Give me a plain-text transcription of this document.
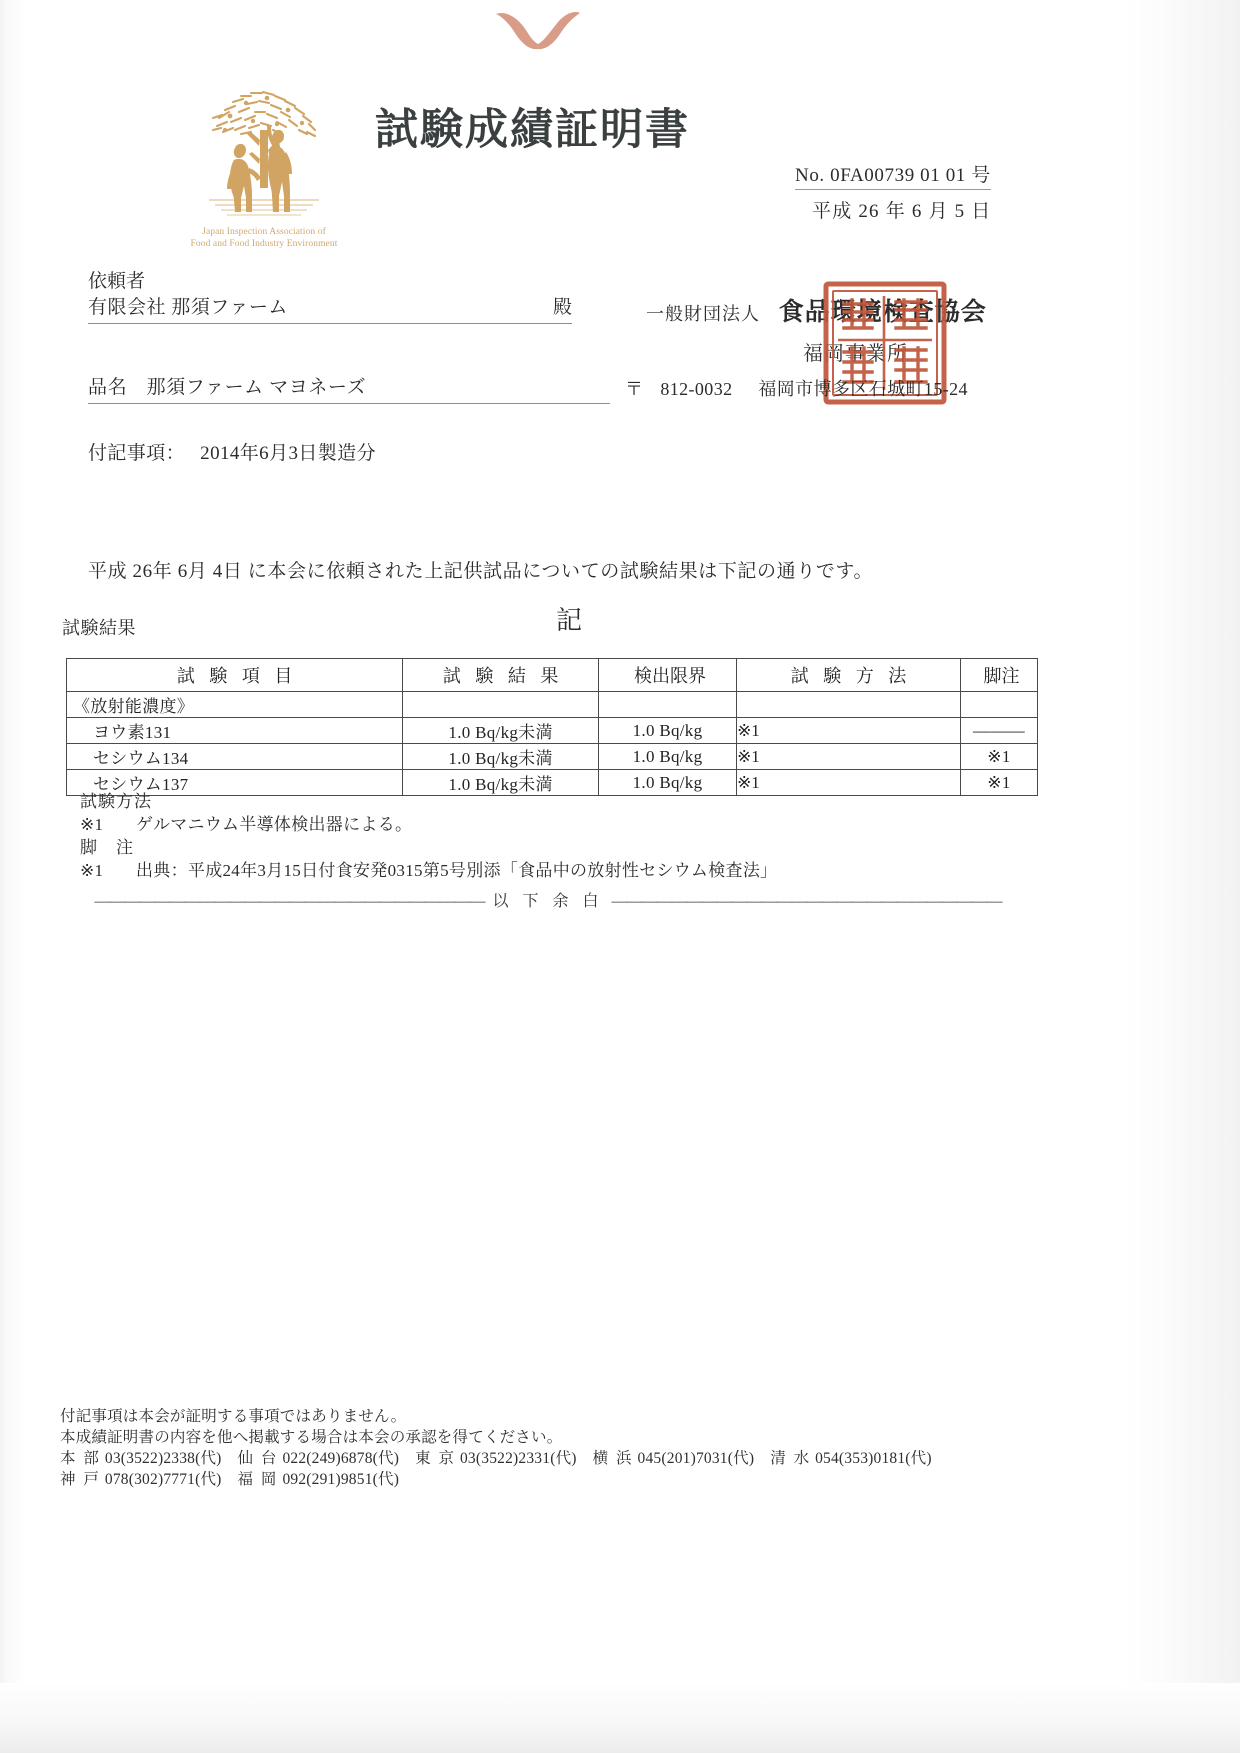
Japan Inspection Association of
Food and Food Industry Environment
試験成績証明書
No. 0FA00739 01 01 号
平成 26 年 6 月 5 日
依頼者
有限会社 那須ファーム	殿	一般財団法人 食品環境検査協会
福岡事業所
品名 那須ファーム マヨネーズ	〒 812-0032 福岡市博多区石城町15-24
付記事項： 2014年6月3日製造分
平成 26年 6月 4日 に本会に依頼された上記供試品についての試験結果は下記の通りです。
試験結果	記
試 験 項 目	試 験 結 果	検出限界	試 験 方 法	脚注
《放射能濃度》				
ヨウ素131	1.0 Bq/kg未満	1.0 Bq/kg	※1	―――
セシウム134	1.0 Bq/kg未満	1.0 Bq/kg	※1	※1
セシウム137	1.0 Bq/kg未満	1.0 Bq/kg	※1	※1
試験方法
※1 ゲルマニウム半導体検出器による。
脚　注
※1 出典：平成24年3月15日付食安発0315第5号別添「食品中の放射性セシウム検査法」
―――――――――――――――――――――――――― 以 下 余 白 ――――――――――――――――――――――――――
付記事項は本会が証明する事項ではありません。
本成績証明書の内容を他へ掲載する場合は本会の承認を得てください。
本 部 03(3522)2338(代) 仙 台 022(249)6878(代) 東 京 03(3522)2331(代) 横 浜 045(201)7031(代) 清 水 054(353)0181(代)
神 戸 078(302)7771(代) 福 岡 092(291)9851(代)
